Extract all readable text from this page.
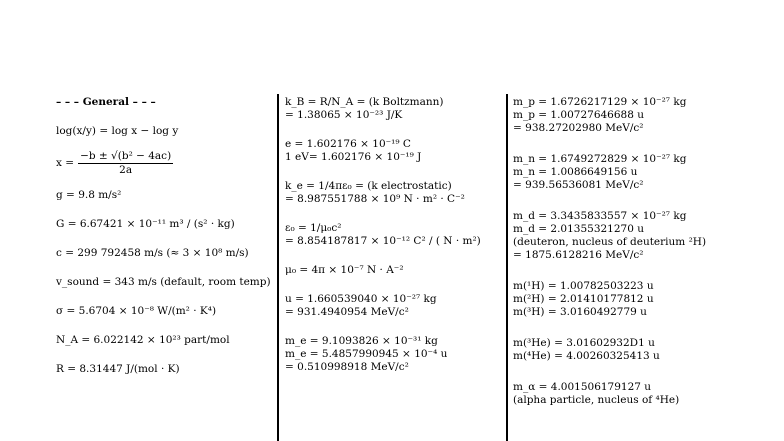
– – – General – – –
log(x/y) = log x − log y
$x = \frac{\text{−b ± √(b² − 4ac)}}{2a}$
g = 9.8 m/s²
G = 6.67421 × 10⁻¹¹ m³ / (s² · kg)
c = 299 792458 m/s (≈ 3 × 10⁸ m/s)
v_sound = 343 m/s (default, room temp)
σ = 5.6704 × 10⁻⁸ W/(m² · K⁴)
N_A = 6.022142 × 10²³ part/mol
R = 8.31447 J/(mol · K)
k_B = R/N_A = (k Boltzmann)
= 1.38065 × 10⁻²³ J/K
e = 1.602176 × 10⁻¹⁹ C
1 eV= 1.602176 × 10⁻¹⁹ J
k_e = 1/4πε₀ = (k electrostatic)
= 8.987551788 × 10⁹ N · m² · C⁻²
ε₀ = 1/μ₀c²
= 8.854187817 × 10⁻¹² C² / ( N · m²)
μ₀ = 4π × 10⁻⁷ N · A⁻²
u = 1.660539040 × 10⁻²⁷ kg
= 931.4940954 MeV/c²
m_e = 9.1093826 × 10⁻³¹ kg
m_e = 5.4857990945 × 10⁻⁴ u
= 0.510998918 MeV/c²
m_p = 1.6726217129 × 10⁻²⁷ kg
m_p = 1.00727646688 u
= 938.27202980 MeV/c²
m_n = 1.6749272829 × 10⁻²⁷ kg
m_n = 1.0086649156 u
= 939.56536081 MeV/c²
m_d = 3.3435833557 × 10⁻²⁷ kg
m_d = 2.01355321270 u
(deuteron, nucleus of deuterium ²H)
= 1875.6128216 MeV/c²
m(¹H) = 1.00782503223 u
m(²H) = 2.01410177812 u
m(³H) = 3.0160492779 u
m(³He) = 3.01602932D1 u
m(⁴He) = 4.00260325413 u
m_α = 4.001506179127 u
(alpha particle, nucleus of ⁴He)
